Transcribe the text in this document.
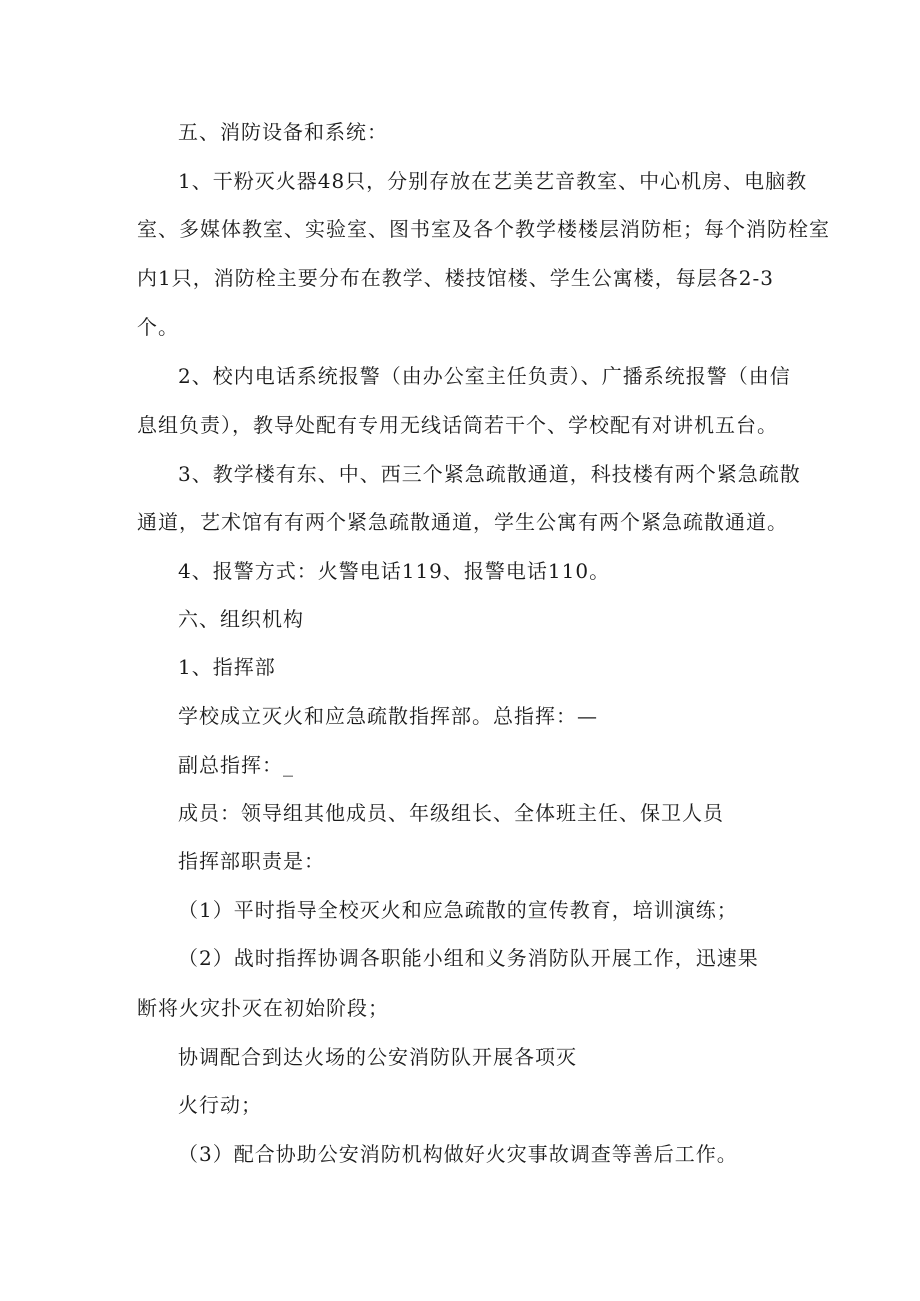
五、消防设备和系统：
1、干粉灭火器48只，分别存放在艺美艺音教室、中心机房、电脑教
室、多媒体教室、实验室、图书室及各个教学楼楼层消防柜；每个消防栓室
内1只，消防栓主要分布在教学、楼技馆楼、学生公寓楼，每层各2-3
个。
2、校内电话系统报警（由办公室主任负责）、广播系统报警（由信
息组负责），教导处配有专用无线话筒若干个、学校配有对讲机五台。
3、教学楼有东、中、西三个紧急疏散通道，科技楼有两个紧急疏散
通道，艺术馆有有两个紧急疏散通道，学生公寓有两个紧急疏散通道。
4、报警方式：火警电话119、报警电话110。
六、组织机构
1、指挥部
学校成立灭火和应急疏散指挥部。总指挥：—
副总指挥：_
成员：领导组其他成员、年级组长、全体班主任、保卫人员
指挥部职责是：
（1）平时指导全校灭火和应急疏散的宣传教育，培训演练；
（2）战时指挥协调各职能小组和义务消防队开展工作，迅速果
断将火灾扑灭在初始阶段；
协调配合到达火场的公安消防队开展各项灭
火行动；
（3）配合协助公安消防机构做好火灾事故调查等善后工作。
